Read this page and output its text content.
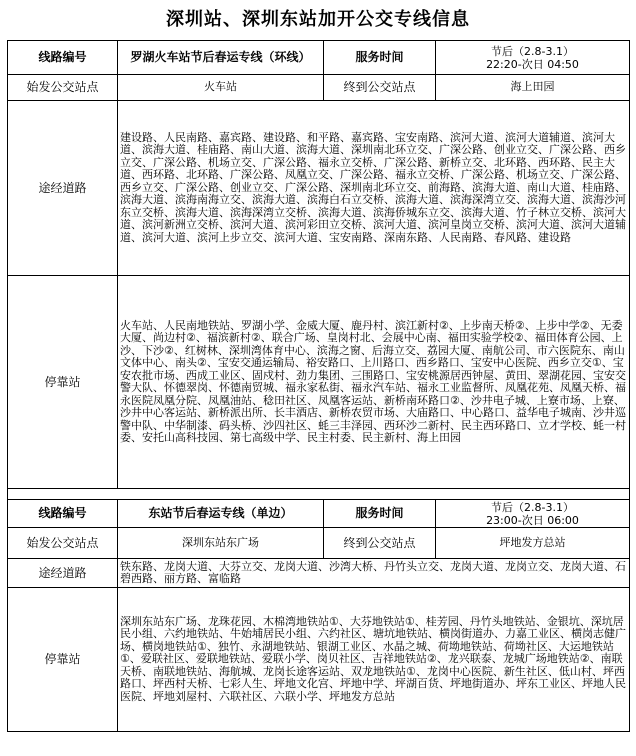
深圳站、深圳东站加开公交专线信息
线路编号	罗湖火车站节后春运专线（环线）	服务时间	节后（2.8-3.1）
22:20-次日 04:50

始发公交站点	火车站	终到公交站点	海上田园
途经道路	建设路、人民南路、嘉宾路、建设路、和平路、嘉宾路、宝安南路、滨河大道、滨河大道辅道、滨河大道、滨海大道、桂庙路、南山大道、滨海大道、深圳南北环立交、广深公路、创业立交、广深公路、西乡立交、广深公路、机场立交、广深公路、福永立交桥、广深公路、新桥立交、北环路、西环路、民主大道、西环路、北环路、广深公路、凤凰立交、广深公路、福永立交桥、广深公路、机场立交、广深公路、西乡立交、广深公路、创业立交、广深公路、深圳南北环立交、前海路、滨海大道、南山大道、桂庙路、滨海大道、滨海南海立交、滨海大道、滨海白石立交桥、滨海大道、滨海深湾立交、滨海大道、滨海沙河东立交桥、滨海大道、滨海深湾立交桥、滨海大道、滨海侨城东立交、滨海大道、竹子林立交桥、滨河大道、滨河新洲立交桥、滨河大道、滨河彩田立交桥、滨河大道、滨河皇岗立交桥、滨河大道、滨河大道辅道、滨河大道、滨河上步立交、滨河大道、宝安南路、深南东路、人民南路、春风路、建设路		
停靠站	火车站、人民南地铁站、罗湖小学、金威大厦、鹿丹村、滨江新村②、上步南天桥②、上步中学②、无委大厦、尚边村②、福滨新村②、联合广场、皇岗村北、会展中心南、福田实验学校②、福田体育公园、上沙、下沙②、红树林、深圳湾体育中心、滨海之窗、后海立交、荔园大厦、南航公司、市六医院东、南山文体中心、南头②、宝安交通运输局、裕安路口、上川路口、西乡路口、宝安中心医院、西乡立交①、宝安农批市场、西成工业区、固戍村、劲力集团、三围路口、宝安桃源居西钟屋、黄田、翠湖花园、宝安交警大队、怀德翠岗、怀德南贸城、福永家私街、福永汽车站、福永工业监督所、凤凰花苑、凤凰天桥、福永医院凤凰分院、凤凰油站、稔田社区、凤凰客运站、新桥南环路口②、沙井电子城、上寮市场、上寮、沙井中心客运站、新桥派出所、长丰酒店、新桥农贸市场、大庙路口、中心路口、益华电子城南、沙井巡警中队、中华制漆、码头桥、沙四社区、蚝三丰泽园、西环沙二新村、民主西环路口、立才学校、蚝一村委、安托山高科技园、第七高级中学、民主村委、民主新村、海上田园		

线路编号	东站节后春运专线（单边）	服务时间	节后（2.8-3.1）
23:00-次日 06:00

始发公交站点	深圳东站东广场	终到公交站点	坪地发方总站
途经道路	铁东路、龙岗大道、大芬立交、龙岗大道、沙湾大桥、丹竹头立交、龙岗大道、龙岗立交、龙岗大道、石碧西路、丽方路、富临路		
停靠站	深圳东站东广场、龙珠花园、木棉湾地铁站①、大芬地铁站①、桂芳园、丹竹头地铁站、金银坑、深坑居民小组、六约地铁站、牛始埔居民小组、六约社区、塘坑地铁站、横岗街道办、力嘉工业区、横岗志健广场、横岗地铁站①、独竹、永湖地铁站、银湖工业区、水晶之城、荷坳地铁站、荷坳社区、大运地铁站①、爱联社区、爱联地铁站、爱联小学、岗贝社区、吉祥地铁站②、龙兴联泰、龙城广场地铁站②、南联天桥、南联地铁站、海航城、龙岗长途客运站、双龙地铁站①、龙岗中心医院、新生社区、低山村、坪西路口、坪西村天桥、七彩人生、坪地文化宫、坪地中学、坪湖百货、坪地街道办、坪东工业区、坪地人民医院、坪地刘屋村、六联社区、六联小学、坪地发方总站		
